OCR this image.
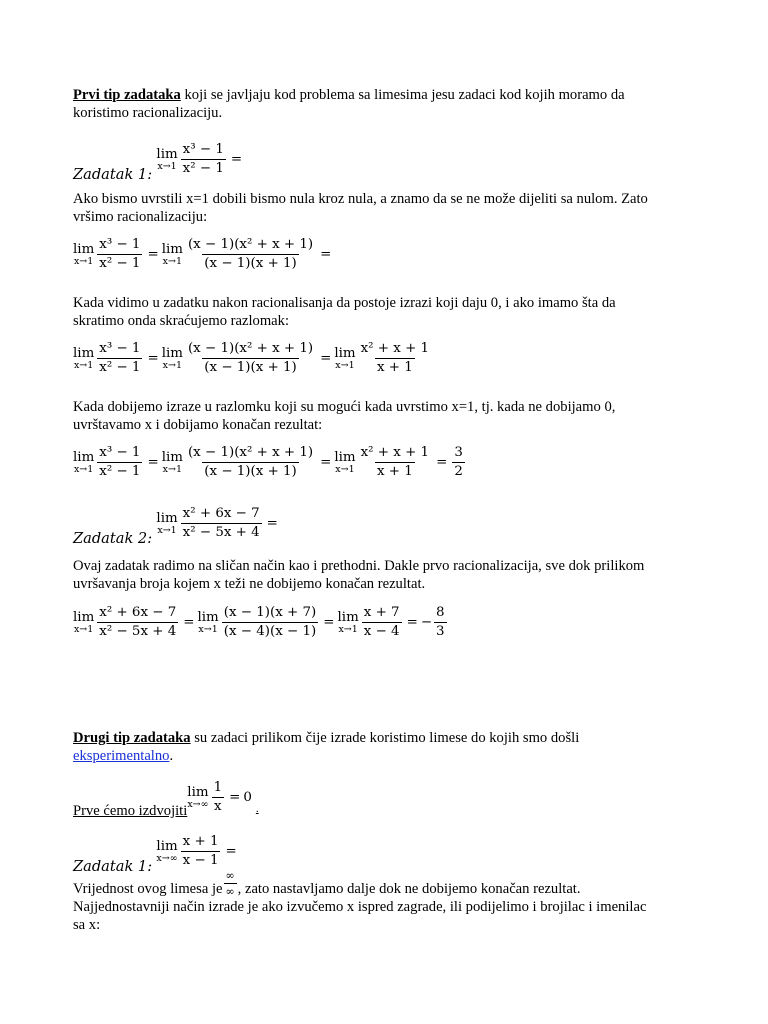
Prvi tip zadataka koji se javljaju kod problema sa limesima jesu zadaci kod kojih moramo da
koristimo racionalizaciju.
Zadatak 1:

lim
$x\to 1 \frac{\text{x³ − 1}}{\text{x² − 1}}$ =
Ako bismo uvrstili x=1 dobili bismo nula kroz nula, a znamo da se ne može dijeliti sa nulom. Zato
vršimo racionalizaciju:
lim
$x\to 1 \frac{\text{x³ − 1}}{\text{x² − 1}} = \lim$
$x\to 1 \frac{\text{(x − 1)(x² + x + 1)}}{(x - 1)(x + 1)}$ =
Kada vidimo u zadatku nakon racionalisanja da postoje izrazi koji daju 0, i ako imamo šta da
skratimo onda skraćujemo razlomak:
lim
$x\to 1 \frac{\text{x³ − 1}}{\text{x² − 1}} = \lim$
$x\to 1 \frac{\text{(x − 1)(x² + x + 1)}}{(x - 1)(x + 1)} = \lim$
$x\to 1 \frac{\text{x² + x + 1}}{x + 1}$
Kada dobijemo izraze u razlomku koji su mogući kada uvrstimo x=1, tj. kada ne dobijamo 0,
uvrštavamo x i dobijamo konačan rezultat:
lim
$x\to 1 \frac{\text{x³ − 1}}{\text{x² − 1}} = \lim$
$x\to 1 \frac{\text{(x − 1)(x² + x + 1)}}{(x - 1)(x + 1)} = \lim$
$x\to 1 \frac{\text{x² + x + 1}}{x + 1} = \frac{3}{2}$
Zadatak 2:

lim
$x\to 1 \frac{\text{x² + 6x − 7}}{\text{x² − 5x + 4}}$ =
Ovaj zadatak radimo na sličan način kao i prethodni. Dakle prvo racionalizacija, sve dok prilikom
uvršavanja broja kojem x teži ne dobijemo konačan rezultat.
lim
$x\to 1 \frac{\text{x² + 6x − 7}}{\text{x² − 5x + 4}} = \lim$
$x\to 1 \frac{(x - 1)(x + 7)}{(x - 4)(x - 1)} = \lim$
$x\to 1 \frac{x + 7}{x - 4}$ = − $\frac{8}{3}$
Drugi tip zadataka su zadaci prilikom čije izrade koristimo limese do kojih smo došli
eksperimentalno.
Prve ćemo izdvojiti
lim
$x\to\infty \frac{1}{x} = 0$
.
Zadatak 1:

lim
$x\to\infty \frac{x + 1}{x - 1}$ =
Vrijednost ovog limesa je $\frac{\infty}{\infty}$ , zato nastavljamo dalje dok ne dobijemo konačan rezultat.
Najjednostavniji način izrade je ako izvučemo x ispred zagrade, ili podijelimo i brojilac i imenilac
sa x:
